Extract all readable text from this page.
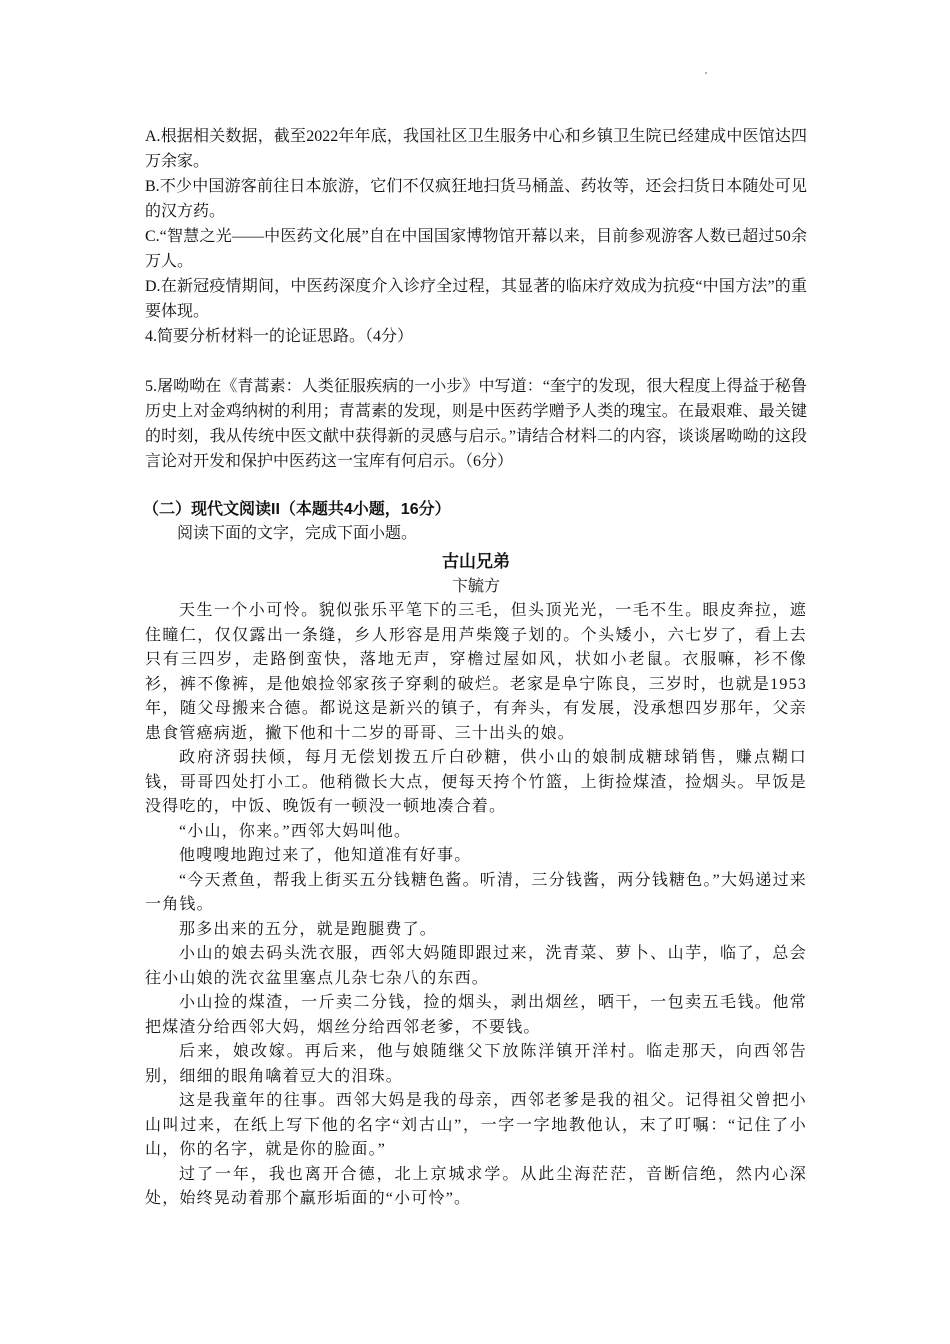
A.根据相关数据，截至2022年年底，我国社区卫生服务中心和乡镇卫生院已经建成中医馆达四万余家。

B.不少中国游客前往日本旅游，它们不仅疯狂地扫货马桶盖、药妆等，还会扫货日本随处可见的汉方药。

C.“智慧之光——中医药文化展”自在中国国家博物馆开幕以来，目前参观游客人数已超过50余万人。

D.在新冠疫情期间，中医药深度介入诊疗全过程，其显著的临床疗效成为抗疫“中国方法”的重要体现。

4.简要分析材料一的论证思路。（4分）

5.屠呦呦在《青蒿素：人类征服疾病的一小步》中写道：“奎宁的发现，很大程度上得益于秘鲁历史上对金鸡纳树的利用；青蒿素的发现，则是中医药学赠予人类的瑰宝。在最艰难、最关键的时刻，我从传统中医文献中获得新的灵感与启示。”请结合材料二的内容，谈谈屠呦呦的这段言论对开发和保护中医药这一宝库有何启示。（6分）

（二）现代文阅读II（本题共4小题，16分）

阅读下面的文字，完成下面小题。

古山兄弟

卞毓方

天生一个小可怜。貌似张乐平笔下的三毛，但头顶光光，一毛不生。眼皮奔拉，遮住瞳仁，仅仅露出一条缝，乡人形容是用芦柴篾子划的。个头矮小，六七岁了，看上去只有三四岁，走路倒蛮快，落地无声，穿檐过屋如风，状如小老鼠。衣服嘛，衫不像衫，裤不像裤，是他娘捡邻家孩子穿剩的破烂。老家是阜宁陈良，三岁时，也就是1953年，随父母搬来合德。都说这是新兴的镇子，有奔头，有发展，没承想四岁那年，父亲患食管癌病逝，撇下他和十二岁的哥哥、三十出头的娘。

政府济弱扶倾，每月无偿划拨五斤白砂糖，供小山的娘制成糖球销售，赚点糊口钱，哥哥四处打小工。他稍微长大点，便每天挎个竹篮，上街捡煤渣，捡烟头。早饭是没得吃的，中饭、晚饭有一顿没一顿地凑合着。

“小山，你来。”西邻大妈叫他。

他嗖嗖地跑过来了，他知道准有好事。

“今天煮鱼，帮我上街买五分钱糖色酱。听清，三分钱酱，两分钱糖色。”大妈递过来一角钱。

那多出来的五分，就是跑腿费了。

小山的娘去码头洗衣服，西邻大妈随即跟过来，洗青菜、萝卜、山芋，临了，总会往小山娘的洗衣盆里塞点儿杂七杂八的东西。

小山捡的煤渣，一斤卖二分钱，捡的烟头，剥出烟丝，晒干，一包卖五毛钱。他常把煤渣分给西邻大妈，烟丝分给西邻老爹，不要钱。

后来，娘改嫁。再后来，他与娘随继父下放陈洋镇开洋村。临走那天，向西邻告别，细细的眼角噙着豆大的泪珠。

这是我童年的往事。西邻大妈是我的母亲，西邻老爹是我的祖父。记得祖父曾把小山叫过来，在纸上写下他的名字“刘古山”，一字一字地教他认，末了叮嘱：“记住了小山，你的名字，就是你的脸面。”

过了一年，我也离开合德，北上京城求学。从此尘海茫茫，音断信绝，然内心深处，始终晃动着那个羸形垢面的“小可怜”。
